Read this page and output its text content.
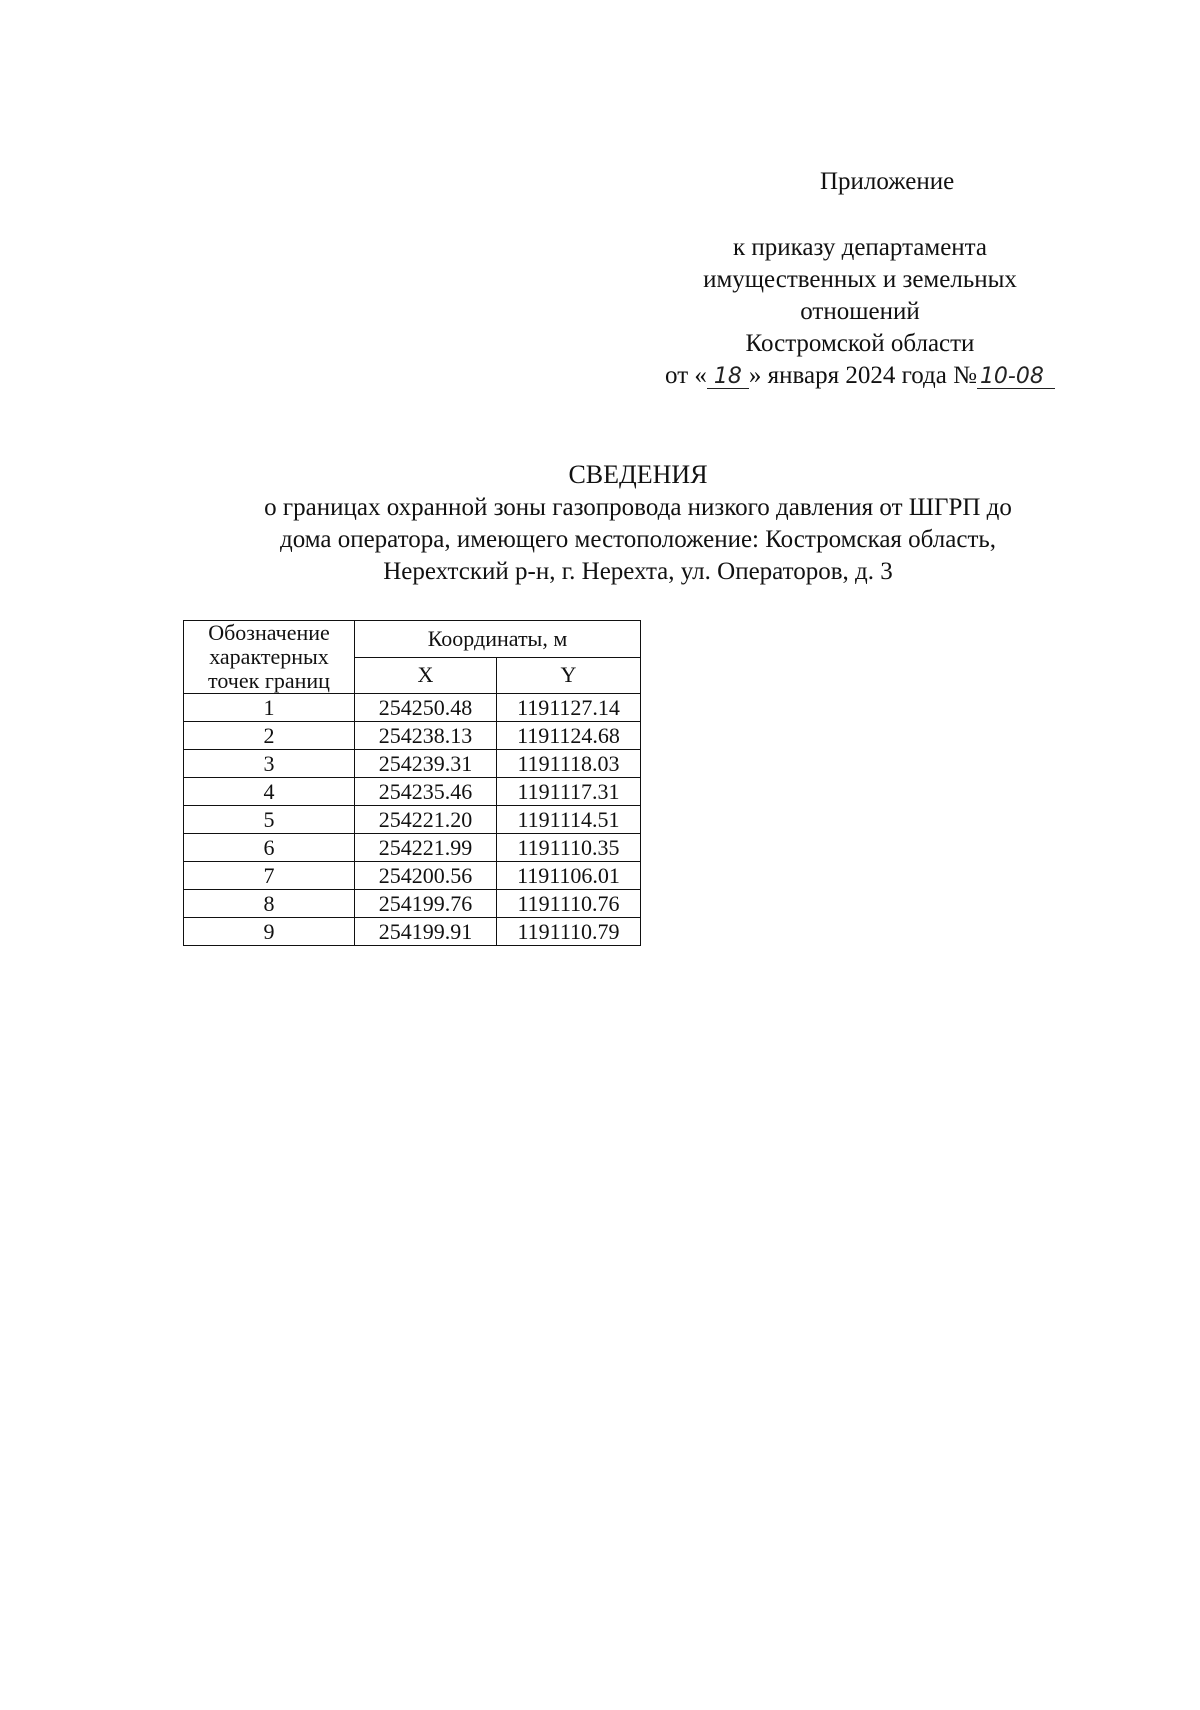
Приложение
к приказу департамента
имущественных и земельных
отношений
Костромской области
от « 18 » января 2024 года № 10-08
СВЕДЕНИЯ
о границах охранной зоны газопровода низкого давления от ШГРП до
дома оператора, имеющего местоположение: Костромская область,
Нерехтский р-н, г. Нерехта, ул. Операторов, д. 3
Обозначение
характерных
точек границ	Координаты, м	
	X	Y
1	254250.48	1191127.14
2	254238.13	1191124.68
3	254239.31	1191118.03
4	254235.46	1191117.31
5	254221.20	1191114.51
6	254221.99	1191110.35
7	254200.56	1191106.01
8	254199.76	1191110.76
9	254199.91	1191110.79
